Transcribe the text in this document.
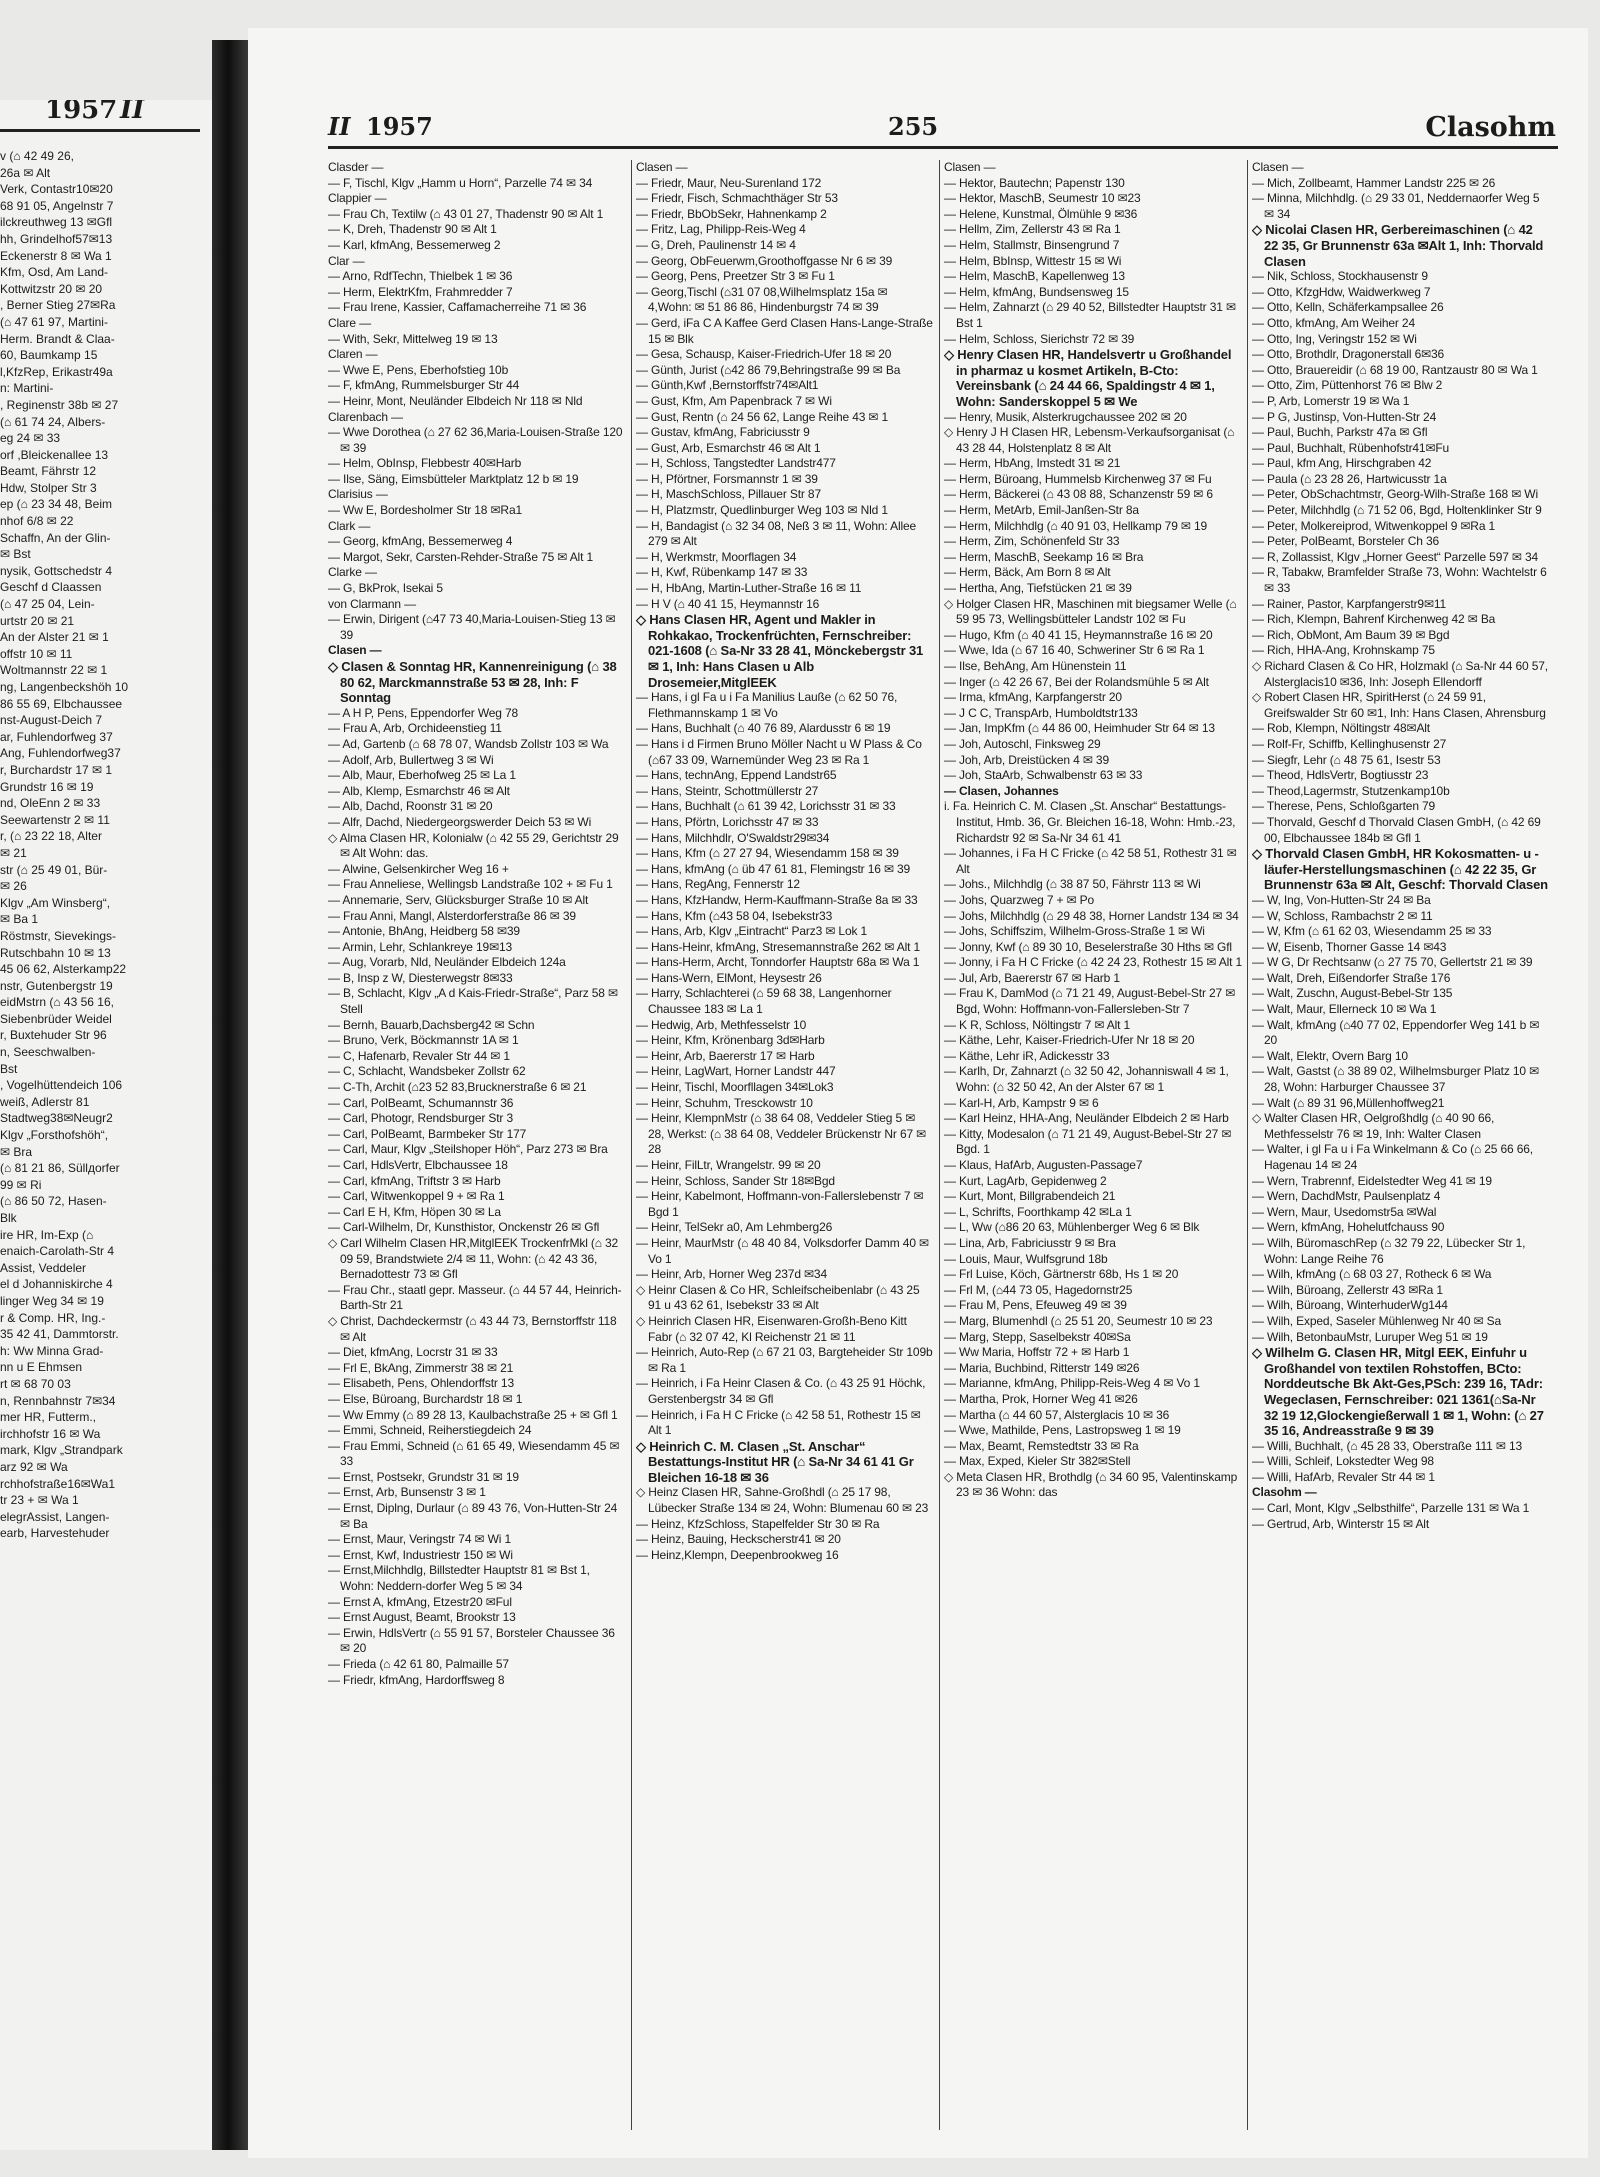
1957 II
v (⌂ 42 49 26,
26a ✉ Alt
Verk, Contastr10✉20
68 91 05, Angelnstr 7
ilckreuthweg 13 ✉Gfl
hh, Grindelhof57✉13
Eckenerstr 8 ✉ Wa 1
Kfm, Osd, Am Land-
Kottwitzstr 20 ✉ 20
, Berner Stieg 27✉Ra
(⌂ 47 61 97, Martini-
Herm. Brandt & Claa-
60, Baumkamp 15
l,KfzRep, Erikastr49a
n: Martini-
, Reginenstr 38b ✉ 27
(⌂ 61 74 24, Albers-
eg 24 ✉ 33
orf ,Bleickenallee 13
Beamt, Fährstr 12
Hdw, Stolper Str 3
ep (⌂ 23 34 48, Beim
nhof 6/8 ✉ 22
Schaffn, An der Glin-
✉ Bst
nysik, Gottschedstr 4
Geschf d Claassen
(⌂ 47 25 04, Lein-
urtstr 20 ✉ 21
An der Alster 21 ✉ 1
offstr 10 ✉ 11
Woltmannstr 22 ✉ 1
ng, Langenbeckshöh 10
86 55 69, Elbchaussee
nst-August-Deich 7
ar, Fuhlendorfweg 37
Ang, Fuhlendorfweg37
r, Burchardstr 17 ✉ 1
Grundstr 16 ✉ 19
nd, OleEnn 2 ✉ 33
Seewartenstr 2 ✉ 11
r, (⌂ 23 22 18, Alter
✉ 21
str (⌂ 25 49 01, Bür-
✉ 26
Klgv „Am Winsberg“,
✉ Ba 1
Röstmstr, Sievekings-
Rutschbahn 10 ✉ 13
45 06 62, Alsterkamp22
nstr, Gutenbergstr 19
eidMstrn (⌂ 43 56 16,
Siebenbrüder Weidel
r, Buxtehuder Str 96
n, Seeschwalben-
Bst
, Vogelhüttendeich 106
weiß, Adlerstr 81
Stadtweg38✉Neugr2
Klgv „Forsthofshöh“,
✉ Bra
(⌂ 81 21 86, Süllдorfer
99 ✉ Ri
(⌂ 86 50 72, Hasen-
Blk
ire HR, Im-Exp (⌂
enaich-Carolath-Str 4
Assist, Veddeler
el d Johanniskirche 4
linger Weg 34 ✉ 19
r & Comp. HR, Ing.-
35 42 41, Dammtorstr.
h: Ww Minna Grad-
nn u E Ehmsen
rt ✉ 68 70 03
n, Rennbahnstr 7✉34
mer HR, Futterm.,
irchhofstr 16 ✉ Wa
mark, Klgv „Strandpark
arz 92 ✉ Wa
rchhofstraße16✉Wa1
tr 23 + ✉ Wa 1
elegrAssist, Langen-
earb, Harvestehuder
II 1957	255	Clasohm

Clasder —

— F, Tischl, Klgv „Hamm u Horn“, Parzelle 74 ✉ 34

Clappier —

— Frau Ch, Textilw (⌂ 43 01 27, Thadenstr 90 ✉ Alt 1

— K, Dreh, Thadenstr 90 ✉ Alt 1

— Karl, kfmAng, Bessemerweg 2

Clar —

— Arno, RdfTechn, Thielbek 1 ✉ 36

— Herm, ElektrKfm, Frahmredder 7

— Frau Irene, Kassier, Caffamacherreihe 71 ✉ 36

Clare —

— With, Sekr, Mittelweg 19 ✉ 13

Claren —

— Wwe E, Pens, Eberhofstieg 10b

— F, kfmAng, Rummelsburger Str 44

— Heinr, Mont, Neuländer Elbdeich Nr 118 ✉ Nld

Clarenbach —

— Wwe Dorothea (⌂ 27 62 36,Maria-Louisen-Straße 120 ✉ 39

— Helm, ObInsp, Flebbestr 40✉Harb

— Ilse, Säng, Eimsbütteler Marktplatz 12 b ✉ 19

Clarisius —

— Ww E, Bordesholmer Str 18 ✉Ra1

Clark —

— Georg, kfmAng, Bessemerweg 4

— Margot, Sekr, Carsten-Rehder-Straße 75 ✉ Alt 1

Clarke —

— G, BkProk, Isekai 5

von Clarmann —

— Erwin, Dirigent (⌂47 73 40,Maria-Louisen-Stieg 13 ✉ 39

Clasen —

◇ Clasen & Sonntag HR, Kannenreinigung (⌂ 38 80 62, Marckmannstraße 53 ✉ 28, Inh: F Sonntag

— A H P, Pens, Eppendorfer Weg 78

— Frau A, Arb, Orchideenstieg 11

— Ad, Gartenb (⌂ 68 78 07, Wandsb Zollstr 103 ✉ Wa

— Adolf, Arb, Bullertweg 3 ✉ Wi

— Alb, Maur, Eberhofweg 25 ✉ La 1

— Alb, Klemp, Esmarchstr 46 ✉ Alt

— Alb, Dachd, Roonstr 31 ✉ 20

— Alfr, Dachd, Niedergeorgswerder Deich 53 ✉ Wi

◇ Alma Clasen HR, Kolonialw (⌂ 42 55 29, Gerichtstr 29 ✉ Alt Wohn: das.

— Alwine, Gelsenkircher Weg 16 +

— Frau Anneliese, Wellingsb Landstraße 102 + ✉ Fu 1

— Annemarie, Serv, Glücksburger Straße 10 ✉ Alt

— Frau Anni, Mangl, Alsterdorferstraße 86 ✉ 39

— Antonie, BhAng, Heidberg 58 ✉39

— Armin, Lehr, Schlankreye 19✉13

— Aug, Vorarb, Nld, Neuländer Elbdeich 124a

— B, Insp z W, Diesterwegstr 8✉33

— B, Schlacht, Klgv „A d Kais-Friedr-Straße“, Parz 58 ✉ Stell

— Bernh, Bauarb,Dachsberg42 ✉ Schn

— Bruno, Verk, Böckmannstr 1A ✉ 1

— C, Hafenarb, Revaler Str 44 ✉ 1

— C, Schlacht, Wandsbeker Zollstr 62

— C-Th, Archit (⌂23 52 83,Brucknerstraße 6 ✉ 21

— Carl, PolBeamt, Schumannstr 36

— Carl, Photogr, Rendsburger Str 3

— Carl, PolBeamt, Barmbeker Str 177

— Carl, Maur, Klgv „Steilshoper Höh“, Parz 273 ✉ Bra

— Carl, HdlsVertr, Elbchaussee 18

— Carl, kfmAng, Triftstr 3 ✉ Harb

— Carl, Witwenkoppel 9 + ✉ Ra 1

— Carl E H, Kfm, Höpen 30 ✉ La

— Carl-Wilhelm, Dr, Kunsthistor, Onckenstr 26 ✉ Gfl

◇ Carl Wilhelm Clasen HR,MitglEEK TrockenfrMkl (⌂ 32 09 59, Brandstwiete 2/4 ✉ 11, Wohn: (⌂ 42 43 36, Bernadottestr 73 ✉ Gfl

— Frau Chr., staatl gepr. Masseur. (⌂ 44 57 44, Heinrich-Barth-Str 21

◇ Christ, Dachdeckermstr (⌂ 43 44 73, Bernstorffstr 118 ✉ Alt

— Diet, kfmAng, Locrstr 31 ✉ 33

— Frl E, BkAng, Zimmerstr 38 ✉ 21

— Elisabeth, Pens, Ohlendorffstr 13

— Else, Büroang, Burchardstr 18 ✉ 1

— Ww Emmy (⌂ 89 28 13, Kaulbachstraße 25 + ✉ Gfl 1

— Emmi, Schneid, Reiherstiegdeich 24

— Frau Emmi, Schneid (⌂ 61 65 49, Wiesendamm 45 ✉ 33

— Ernst, Postsekr, Grundstr 31 ✉ 19

— Ernst, Arb, Bunsenstr 3 ✉ 1

— Ernst, Diplng, Durlaur (⌂ 89 43 76, Von-Hutten-Str 24 ✉ Ba

— Ernst, Maur, Veringstr 74 ✉ Wi 1

— Ernst, Kwf, Industriestr 150 ✉ Wi

— Ernst,Milchhdlg, Billstedter Hauptstr 81 ✉ Bst 1, Wohn: Neddern-dorfer Weg 5 ✉ 34

— Ernst A, kfmAng, Etzestr20 ✉Ful

— Ernst August, Beamt, Brookstr 13

— Erwin, HdlsVertr (⌂ 55 91 57, Borsteler Chaussee 36 ✉ 20

— Frieda (⌂ 42 61 80, Palmaille 57

— Friedr, kfmAng, Hardorffsweg 8

Clasen —

— Friedr, Maur, Neu-Surenland 172

— Friedr, Fisch, Schmachthäger Str 53

— Friedr, BbObSekr, Hahnenkamp 2

— Fritz, Lag, Philipp-Reis-Weg 4

— G, Dreh, Paulinenstr 14 ✉ 4

— Georg, ObFeuerwm,Groothoffgasse Nr 6 ✉ 39

— Georg, Pens, Preetzer Str 3 ✉ Fu 1

— Georg,Tischl (⌂31 07 08,Wilhelmsplatz 15a ✉ 4,Wohn: ✉ 51 86 86, Hindenburgstr 74 ✉ 39

— Gerd, iFa C A Kaffee Gerd Clasen Hans-Lange-Straße 15 ✉ Blk

— Gesa, Schausp, Kaiser-Friedrich-Ufer 18 ✉ 20

— Günth, Jurist (⌂42 86 79,Behringstraße 99 ✉ Ba

— Günth,Kwf ,Bernstorffstr74✉Alt1

— Gust, Kfm, Am Papenbrack 7 ✉ Wi

— Gust, Rentn (⌂ 24 56 62, Lange Reihe 43 ✉ 1

— Gustav, kfmAng, Fabriciusstr 9

— Gust, Arb, Esmarchstr 46 ✉ Alt 1

— H, Schloss, Tangstedter Landstr477

— H, Pförtner, Forsmannstr 1 ✉ 39

— H, MaschSchloss, Pillauer Str 87

— H, Platzmstr, Quedlinburger Weg 103 ✉ Nld 1

— H, Bandagist (⌂ 32 34 08, Neß 3 ✉ 11, Wohn: Allee 279 ✉ Alt

— H, Werkmstr, Moorflagen 34

— H, Kwf, Rübenkamp 147 ✉ 33

— H, HbAng, Martin-Luther-Straße 16 ✉ 11

— H V (⌂ 40 41 15, Heymannstr 16

◇ Hans Clasen HR, Agent und Makler in Rohkakao, Trockenfrüchten, Fernschreiber: 021-1608 (⌂ Sa-Nr 33 28 41, Mönckebergstr 31 ✉ 1, Inh: Hans Clasen u Alb Drosemeier,MitglEEK

— Hans, i gl Fa u i Fa Manilius Lauße (⌂ 62 50 76, Flethmannskamp 1 ✉ Vo

— Hans, Buchhalt (⌂ 40 76 89, Alardusstr 6 ✉ 19

— Hans i d Firmen Bruno Möller Nacht u W Plass & Co (⌂67 33 09, Warnemünder Weg 23 ✉ Ra 1

— Hans, technAng, Eppend Landstr65

— Hans, Steintr, Schottmüllerstr 27

— Hans, Buchhalt (⌂ 61 39 42, Lorichsstr 31 ✉ 33

— Hans, Pförtn, Lorichsstr 47 ✉ 33

— Hans, Milchhdlr, O'Swaldstr29✉34

— Hans, Kfm (⌂ 27 27 94, Wiesendamm 158 ✉ 39

— Hans, kfmAng (⌂ üb 47 61 81, Flemingstr 16 ✉ 39

— Hans, RegAng, Fennerstr 12

— Hans, KfzHandw, Herm-Kauffmann-Straße 8a ✉ 33

— Hans, Kfm (⌂43 58 04, Isebekstr33

— Hans, Arb, Klgv „Eintracht“ Parz3 ✉ Lok 1

— Hans-Heinr, kfmAng, Stresemannstraße 262 ✉ Alt 1

— Hans-Herm, Archt, Tonndorfer Hauptstr 68a ✉ Wa 1

— Hans-Wern, ElMont, Heysestr 26

— Harry, Schlachterei (⌂ 59 68 38, Langenhorner Chaussee 183 ✉ La 1

— Hedwig, Arb, Methfesselstr 10

— Heinr, Kfm, Krönenbarg 3d✉Harb

— Heinr, Arb, Baererstr 17 ✉ Harb

— Heinr, LagWart, Horner Landstr 447

— Heinr, Tischl, Moorfllagen 34✉Lok3

— Heinr, Schuhm, Tresckowstr 10

— Heinr, KlempnMstr (⌂ 38 64 08, Veddeler Stieg 5 ✉ 28, Werkst: (⌂ 38 64 08, Veddeler Brückenstr Nr 67 ✉ 28

— Heinr, FilLtr, Wrangelstr. 99 ✉ 20

— Heinr, Schloss, Sander Str 18✉Bgd

— Heinr, Kabelmont, Hoffmann-von-Fallerslebenstr 7 ✉ Bgd 1

— Heinr, TelSekr a0, Am Lehmberg26

— Heinr, MaurMstr (⌂ 48 40 84, Volksdorfer Damm 40 ✉ Vo 1

— Heinr, Arb, Horner Weg 237d ✉34

◇ Heinr Clasen & Co HR, Schleifscheibenlabr (⌂ 43 25 91 u 43 62 61, Isebekstr 33 ✉ Alt

◇ Heinrich Clasen HR, Eisenwaren-Großh-Beno Kitt Fabr (⌂ 32 07 42, Kl Reichenstr 21 ✉ 11

— Heinrich, Auto-Rep (⌂ 67 21 03, Bargteheider Str 109b ✉ Ra 1

— Heinrich, i Fa Heinr Clasen & Co. (⌂ 43 25 91 Höchk, Gerstenbergstr 34 ✉ Gfl

— Heinrich, i Fa H C Fricke (⌂ 42 58 51, Rothestr 15 ✉ Alt 1

◇ Heinrich C. M. Clasen „St. Anschar“ Bestattungs-Institut HR (⌂ Sa-Nr 34 61 41 Gr Bleichen 16-18 ✉ 36

◇ Heinz Clasen HR, Sahne-Großhdl (⌂ 25 17 98, Lübecker Straße 134 ✉ 24, Wohn: Blumenau 60 ✉ 23

— Heinz, KfzSchloss, Stapelfelder Str 30 ✉ Ra

— Heinz, Bauing, Heckscherstr41 ✉ 20

— Heinz,Klempn, Deepenbrookweg 16

Clasen —

— Hektor, Bautechn; Papenstr 130

— Hektor, MaschB, Seumestr 10 ✉23

— Helene, Kunstmal, Ölmühle 9 ✉36

— Hellm, Zim, Zellerstr 43 ✉ Ra 1

— Helm, Stallmstr, Binsengrund 7

— Helm, BbInsp, Wittestr 15 ✉ Wi

— Helm, MaschB, Kapellenweg 13

— Helm, kfmAng, Bundsensweg 15

— Helm, Zahnarzt (⌂ 29 40 52, Billstedter Hauptstr 31 ✉ Bst 1

— Helm, Schloss, Sierichstr 72 ✉ 39

◇ Henry Clasen HR, Handelsvertr u Großhandel in pharmaz u kosmet Artikeln, B-Cto: Vereinsbank (⌂ 24 44 66, Spaldingstr 4 ✉ 1, Wohn: Sanderskoppel 5 ✉ We

— Henry, Musik, Alsterkrugchaussee 202 ✉ 20

◇ Henry J H Clasen HR, Lebensm-Verkaufsorganisat (⌂ 43 28 44, Holstenplatz 8 ✉ Alt

— Herm, HbAng, Imstedt 31 ✉ 21

— Herm, Büroang, Hummelsb Kirchenweg 37 ✉ Fu

— Herm, Bäckerei (⌂ 43 08 88, Schanzenstr 59 ✉ 6

— Herm, MetArb, Emil-Janßen-Str 8a

— Herm, Milchhdlg (⌂ 40 91 03, Hellkamp 79 ✉ 19

— Herm, Zim, Schönenfeld Str 33

— Herm, MaschB, Seekamp 16 ✉ Bra

— Herm, Bäck, Am Born 8 ✉ Alt

— Hertha, Ang, Tiefstücken 21 ✉ 39

◇ Holger Clasen HR, Maschinen mit biegsamer Welle (⌂ 59 95 73, Wellingsbütteler Landstr 102 ✉ Fu

— Hugo, Kfm (⌂ 40 41 15, Heymannstraße 16 ✉ 20

— Wwe, Ida (⌂ 67 16 40, Schweriner Str 6 ✉ Ra 1

— Ilse, BehAng, Am Hünenstein 11

— Inger (⌂ 42 26 67, Bei der Rolandsmühle 5 ✉ Alt

— Irma, kfmAng, Karpfangerstr 20

— J C C, TranspArb, Humboldtstr133

— Jan, ImpKfm (⌂ 44 86 00, Heimhuder Str 64 ✉ 13

— Joh, Autoschl, Finksweg 29

— Joh, Arb, Dreistücken 4 ✉ 39

— Joh, StaArb, Schwalbenstr 63 ✉ 33

— Clasen, Johannes

i. Fa. Heinrich C. M. Clasen „St. Anschar“ Bestattungs-Institut, Hmb. 36, Gr. Bleichen 16-18, Wohn: Hmb.-23, Richardstr 92 ✉ Sa-Nr 34 61 41

— Johannes, i Fa H C Fricke (⌂ 42 58 51, Rothestr 31 ✉ Alt

— Johs., Milchhdlg (⌂ 38 87 50, Fährstr 113 ✉ Wi

— Johs, Quarzweg 7 + ✉ Po

— Johs, Milchhdlg (⌂ 29 48 38, Horner Landstr 134 ✉ 34

— Johs, Schiffszim, Wilhelm-Gross-Straße 1 ✉ Wi

— Jonny, Kwf (⌂ 89 30 10, Beselerstraße 30 Hths ✉ Gfl

— Jonny, i Fa H C Fricke (⌂ 42 24 23, Rothestr 15 ✉ Alt 1

— Jul, Arb, Baererstr 67 ✉ Harb 1

— Frau K, DamMod (⌂ 71 21 49, August-Bebel-Str 27 ✉ Bgd, Wohn: Hoffmann-von-Fallersleben-Str 7

— K R, Schloss, Nöltingstr 7 ✉ Alt 1

— Käthe, Lehr, Kaiser-Friedrich-Ufer Nr 18 ✉ 20

— Käthe, Lehr iR, Adickesstr 33

— Karlh, Dr, Zahnarzt (⌂ 32 50 42, Johanniswall 4 ✉ 1, Wohn: (⌂ 32 50 42, An der Alster 67 ✉ 1

— Karl-H, Arb, Kampstr 9 ✉ 6

— Karl Heinz, HHA-Ang, Neuländer Elbdeich 2 ✉ Harb

— Kitty, Modesalon (⌂ 71 21 49, August-Bebel-Str 27 ✉ Bgd. 1

— Klaus, HafArb, Augusten-Passage7

— Kurt, LagArb, Gepidenweg 2

— Kurt, Mont, Billgrabendeich 21

— L, Schrifts, Foorthkamp 42 ✉La 1

— L, Ww (⌂86 20 63, Mühlenberger Weg 6 ✉ Blk

— Lina, Arb, Fabriciusstr 9 ✉ Bra

— Louis, Maur, Wulfsgrund 18b

— Frl Luise, Köch, Gärtnerstr 68b, Hs 1 ✉ 20

— Frl M, (⌂44 73 05, Hagedornstr25

— Frau M, Pens, Efeuweg 49 ✉ 39

— Marg, Blumenhdl (⌂ 25 51 20, Seumestr 10 ✉ 23

— Marg, Stepp, Saselbekstr 40✉Sa

— Ww Maria, Hoffstr 72 + ✉ Harb 1

— Maria, Buchbind, Ritterstr 149 ✉26

— Marianne, kfmAng, Philipp-Reis-Weg 4 ✉ Vo 1

— Martha, Prok, Horner Weg 41 ✉26

— Martha (⌂ 44 60 57, Alsterglacis 10 ✉ 36

— Wwe, Mathilde, Pens, Lastropsweg 1 ✉ 19

— Max, Beamt, Remstedtstr 33 ✉ Ra

— Max, Exped, Kieler Str 382✉Stell

◇ Meta Clasen HR, Brothdlg (⌂ 34 60 95, Valentinskamp 23 ✉ 36 Wohn: das

Clasen —

— Mich, Zollbeamt, Hammer Landstr 225 ✉ 26

— Minna, Milchhdlg. (⌂ 29 33 01, Neddernaorfer Weg 5 ✉ 34

◇ Nicolai Clasen HR, Gerbereimaschinen (⌂ 42 22 35, Gr Brunnenstr 63a ✉Alt 1, Inh: Thorvald Clasen

— Nik, Schloss, Stockhausenstr 9

— Otto, KfzgHdw, Waidwerkweg 7

— Otto, Kelln, Schäferkampsallee 26

— Otto, kfmAng, Am Weiher 24

— Otto, Ing, Veringstr 152 ✉ Wi

— Otto, Brothdlr, Dragonerstall 6✉36

— Otto, Brauereidir (⌂ 68 19 00, Rantzaustr 80 ✉ Wa 1

— Otto, Zim, Püttenhorst 76 ✉ Blw 2

— P, Arb, Lomerstr 19 ✉ Wa 1

— P G, Justinsp, Von-Hutten-Str 24

— Paul, Buchh, Parkstr 47a ✉ Gfl

— Paul, Buchhalt, Rübenhofstr41✉Fu

— Paul, kfm Ang, Hirschgraben 42

— Paula (⌂ 23 28 26, Hartwicusstr 1a

— Peter, ObSchachtmstr, Georg-Wilh-Straße 168 ✉ Wi

— Peter, Milchhdlg (⌂ 71 52 06, Bgd, Holtenklinker Str 9

— Peter, Molkereiprod, Witwenkoppel 9 ✉Ra 1

— Peter, PolBeamt, Borsteler Ch 36

— R, Zollassist, Klgv „Horner Geest“ Parzelle 597 ✉ 34

— R, Tabakw, Bramfelder Straße 73, Wohn: Wachtelstr 6 ✉ 33

— Rainer, Pastor, Karpfangerstr9✉11

— Rich, Klempn, Bahrenf Kirchenweg 42 ✉ Ba

— Rich, ObMont, Am Baum 39 ✉ Bgd

— Rich, HHA-Ang, Krohnskamp 75

◇ Richard Clasen & Co HR, Holzmakl (⌂ Sa-Nr 44 60 57, Alsterglacis10 ✉36, Inh: Joseph Ellendorff

◇ Robert Clasen HR, SpiritHerst (⌂ 24 59 91, Greifswalder Str 60 ✉1, Inh: Hans Clasen, Ahrensburg

— Rob, Klempn, Nöltingstr 48✉Alt

— Rolf-Fr, Schiffb, Kellinghusenstr 27

— Siegfr, Lehr (⌂ 48 75 61, Isestr 53

— Theod, HdlsVertr, Bogtiusstr 23

— Theod,Lagermstr, Stutzenkamp10b

— Therese, Pens, Schloßgarten 79

— Thorvald, Geschf d Thorvald Clasen GmbH, (⌂ 42 69 00, Elbchaussee 184b ✉ Gfl 1

◇ Thorvald Clasen GmbH, HR Kokosmatten- u -läufer-Herstellungsmaschinen (⌂ 42 22 35, Gr Brunnenstr 63a ✉ Alt, Geschf: Thorvald Clasen

— W, Ing, Von-Hutten-Str 24 ✉ Ba

— W, Schloss, Rambachstr 2 ✉ 11

— W, Kfm (⌂ 61 62 03, Wiesendamm 25 ✉ 33

— W, Eisenb, Thorner Gasse 14 ✉43

— W G, Dr Rechtsanw (⌂ 27 75 70, Gellertstr 21 ✉ 39

— Walt, Dreh, Eißendorfer Straße 176

— Walt, Zuschn, August-Bebel-Str 135

— Walt, Maur, Ellerneck 10 ✉ Wa 1

— Walt, kfmAng (⌂40 77 02, Eppendorfer Weg 141 b ✉ 20

— Walt, Elektr, Overn Barg 10

— Walt, Gastst (⌂ 38 89 02, Wilhelmsburger Platz 10 ✉ 28, Wohn: Harburger Chaussee 37

— Walt (⌂ 89 31 96,Müllenhoffweg21

◇ Walter Clasen HR, Oelgroßhdlg (⌂ 40 90 66, Methfesselstr 76 ✉ 19, Inh: Walter Clasen

— Walter, i gl Fa u i Fa Winkelmann & Co (⌂ 25 66 66, Hagenau 14 ✉ 24

— Wern, Trabrennf, Eidelstedter Weg 41 ✉ 19

— Wern, DachdMstr, Paulsenplatz 4

— Wern, Maur, Usedomstr5a ✉Wal

— Wern, kfmAng, Hohelutfchauss 90

— Wilh, BüromaschRep (⌂ 32 79 22, Lübecker Str 1, Wohn: Lange Reihe 76

— Wilh, kfmAng (⌂ 68 03 27, Rotheck 6 ✉ Wa

— Wilh, Büroang, Zellerstr 43 ✉Ra 1

— Wilh, Büroang, WinterhuderWg144

— Wilh, Exped, Saseler Mühlenweg Nr 40 ✉ Sa

— Wilh, BetonbauMstr, Luruper Weg 51 ✉ 19

◇ Wilhelm G. Clasen HR, Mitgl EEK, Einfuhr u Großhandel von textilen Rohstoffen, BCto: Norddeutsche Bk Akt-Ges,PSch: 239 16, TAdr: Wegeclasen, Fernschreiber: 021 1361(⌂Sa-Nr 32 19 12,Glockengießerwall 1 ✉ 1, Wohn: (⌂ 27 35 16, Andreasstraße 9 ✉ 39

— Willi, Buchhalt, (⌂ 45 28 33, Oberstraße 111 ✉ 13

— Willi, Schleif, Lokstedter Weg 98

— Willi, HafArb, Revaler Str 44 ✉ 1

Clasohm —

— Carl, Mont, Klgv „Selbsthilfe“, Parzelle 131 ✉ Wa 1

— Gertrud, Arb, Winterstr 15 ✉ Alt
